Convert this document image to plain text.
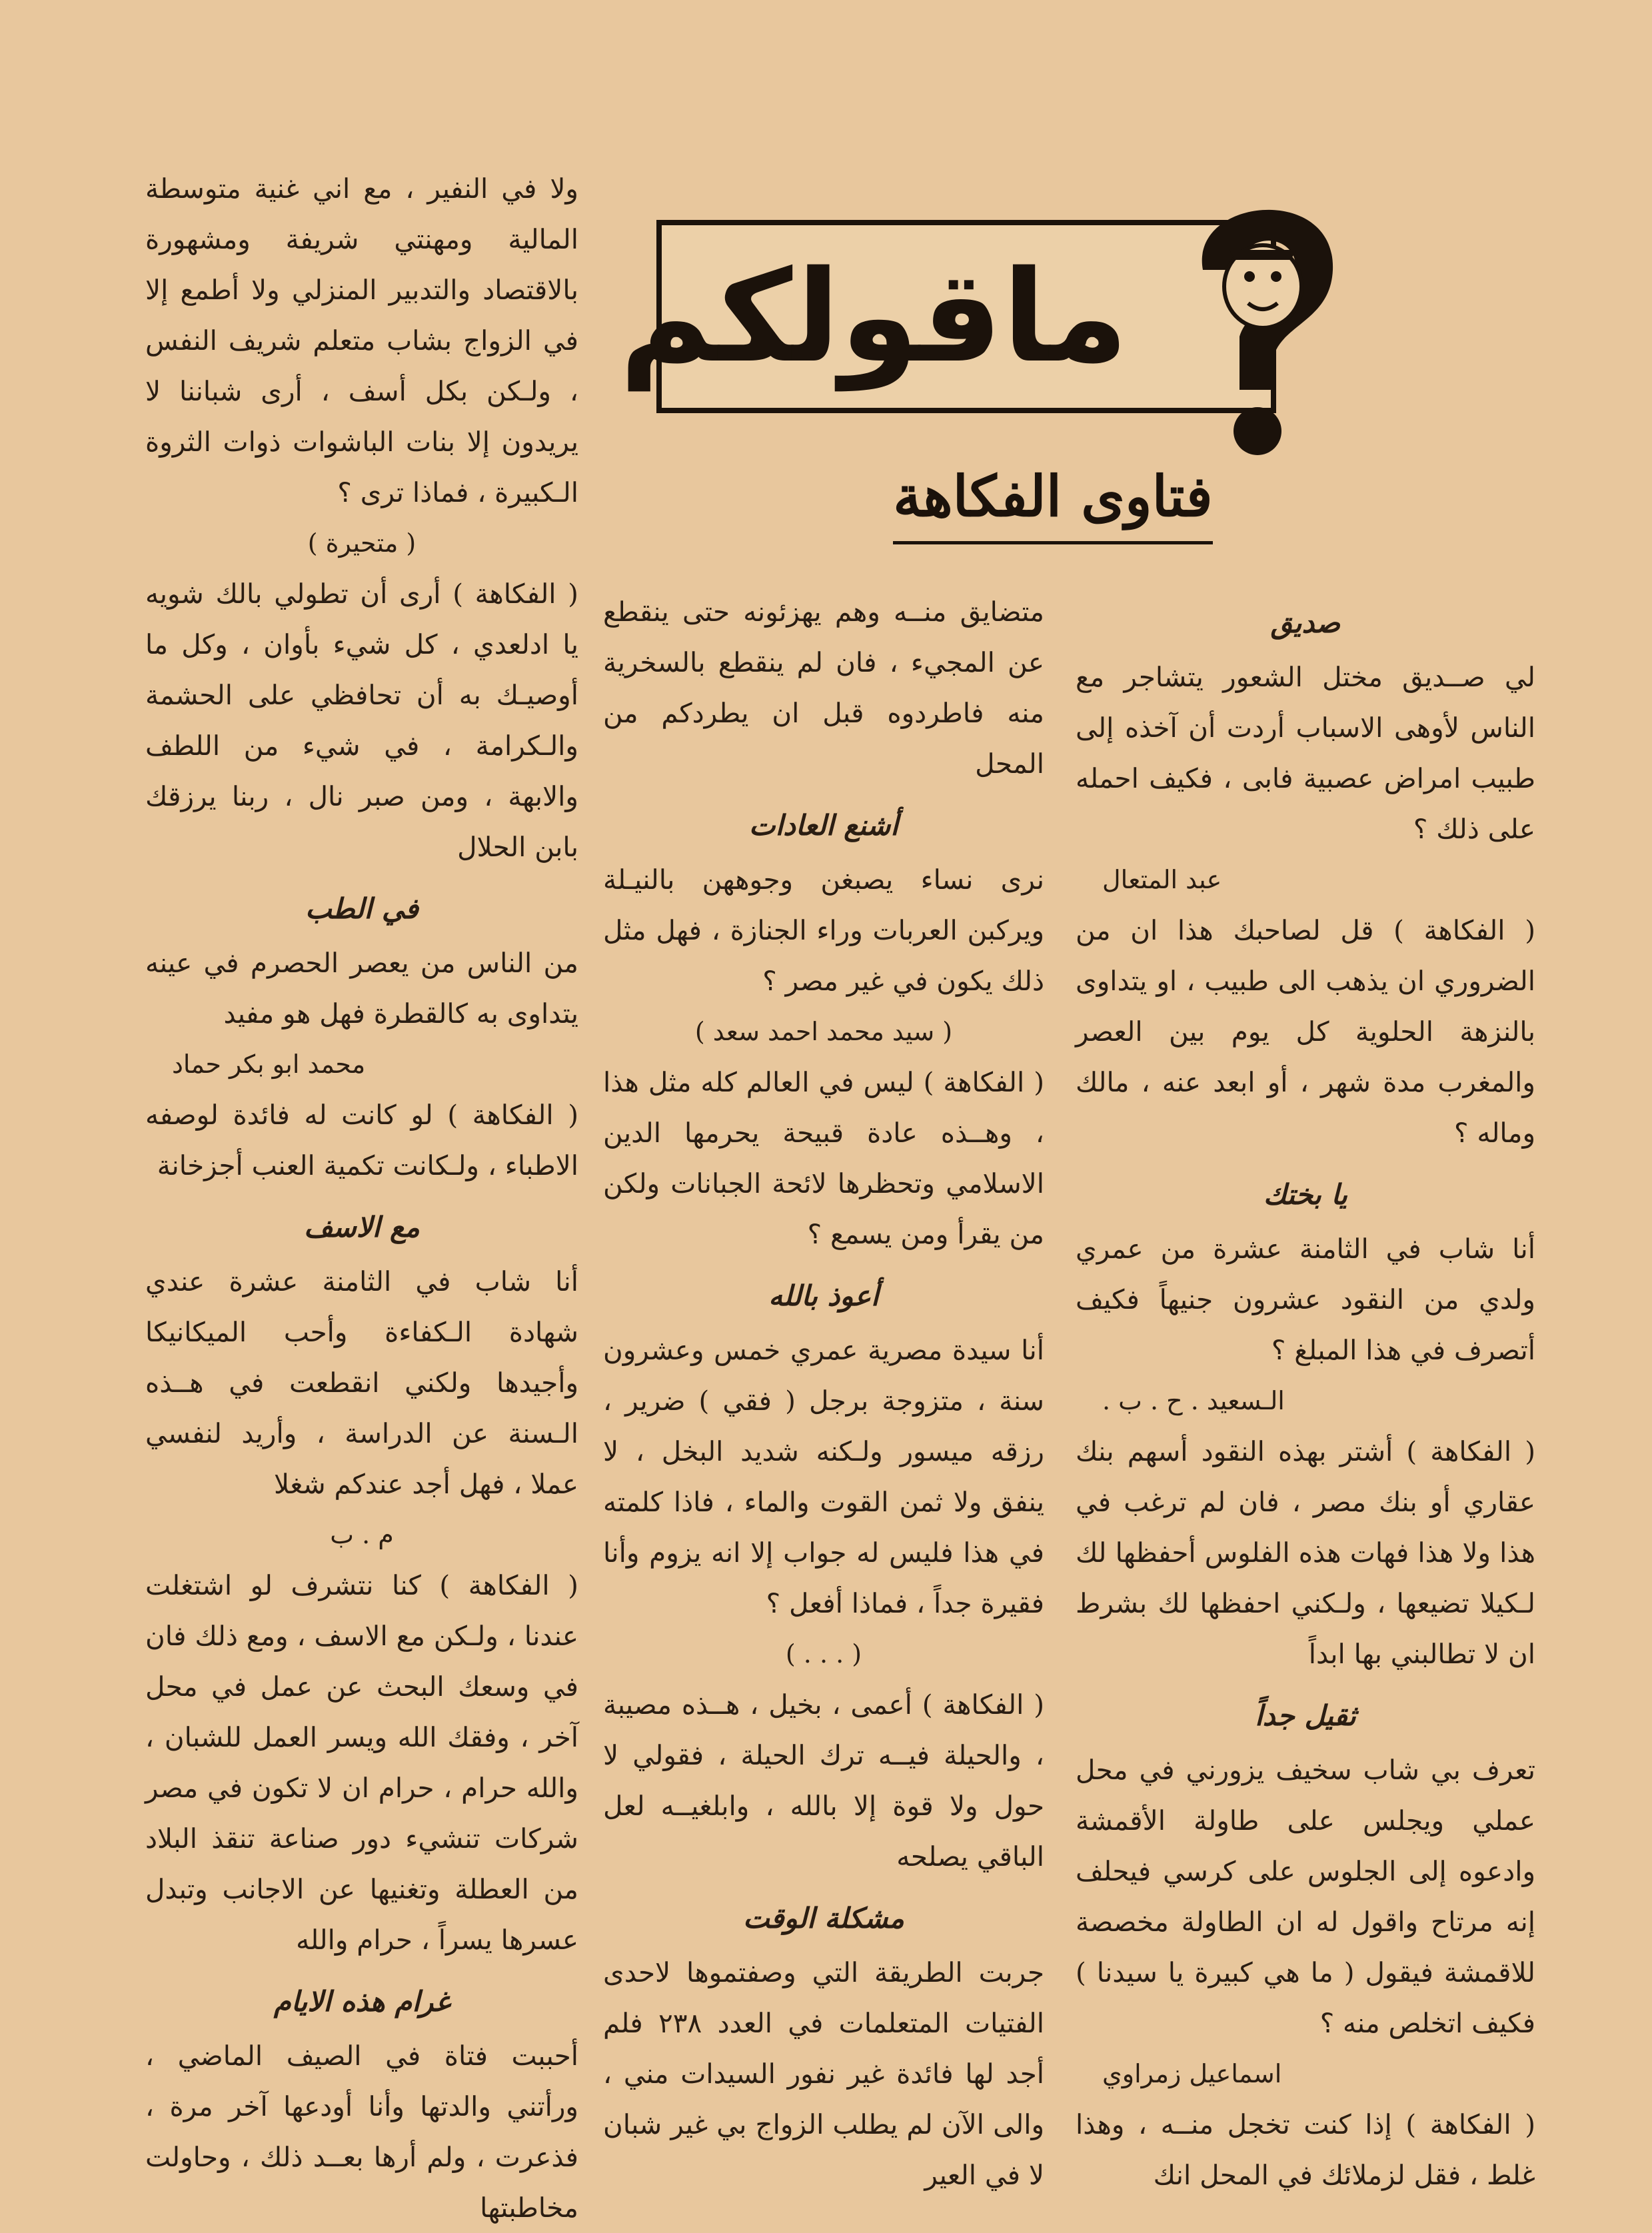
ماقولكم
فتاوى الفكاهة
صديق

لي صــديق مختل الشعور يتشاجر مع الناس لأوهى الاسباب أردت أن آخذه إلى طبيب امراض عصبية فابى ، فكيف احمله على ذلك ؟

عبد المتعال

( الفكاهة ) قل لصاحبك هذا ان من الضروري ان يذهب الى طبيب ، او يتداوى بالنزهة الحلوية كل يوم بين العصر والمغرب مدة شهر ، أو ابعد عنه ، مالك وماله ؟

يا بختك

أنا شاب في الثامنة عشرة من عمري ولدي من النقود عشرون جنيهاً فكيف أتصرف في هذا المبلغ ؟

الـسعيد . ح . ب .

( الفكاهة ) أشتر بهذه النقود أسهم بنك عقاري أو بنك مصر ، فان لم ترغب في هذا ولا هذا فهات هذه الفلوس أحفظها لك لـكيلا تضيعها ، ولـكني احفظها لك بشرط ان لا تطالبني بها ابداً

ثقيل جداً

تعرف بي شاب سخيف يزورني في محل عملي ويجلس على طاولة الأقمشة وادعوه إلى الجلوس على كرسي فيحلف إنه مرتاح واقول له ان الطاولة مخصصة للاقمشة فيقول ( ما هي كبيرة يا سيدنا ) فكيف اتخلص منه ؟

اسماعيل زمراوي

( الفكاهة ) إذا كنت تخجل منــه ، وهذا غلط ، فقل لزملائك في المحل انك

متضايق منــه وهم يهزئونه حتى ينقطع عن المجيء ، فان لم ينقطع بالسخرية منه فاطردوه قبل ان يطردكم من المحل

أشنع العادات

نرى نساء يصبغن وجوههن بالنيـلة ويركبن العربات وراء الجنازة ، فهل مثل ذلك يكون في غير مصر ؟

( سيد محمد احمد سعد )

( الفكاهة ) ليس في العالم كله مثل هذا ، وهــذه عادة قبيحة يحرمها الدين الاسلامي وتحظرها لائحة الجبانات ولكن من يقرأ ومن يسمع ؟

أعوذ بالله

أنا سيدة مصرية عمري خمس وعشرون سنة ، متزوجة برجل ( فقي ) ضرير ، رزقه ميسور ولـكنه شديد البخل ، لا ينفق ولا ثمن القوت والماء ، فاذا كلمته في هذا فليس له جواب إلا انه يزوم وأنا فقيرة جداً ، فماذا أفعل ؟

( . . . )

( الفكاهة ) أعمى ، بخيل ، هــذه مصيبة ، والحيلة فيــه ترك الحيلة ، فقولي لا حول ولا قوة إلا بالله ، وابلغيــه لعل الباقي يصلحه

مشكلة الوقت

جربت الطريقة التي وصفتموها لاحدى الفتيات المتعلمات في العدد ٢٣٨ فلم أجد لها فائدة غير نفور السيدات مني ، والى الآن لم يطلب الزواج بي غير شبان لا في العير

ولا في النفير ، مع اني غنية متوسطة المالية ومهنتي شريفة ومشهورة بالاقتصاد والتدبير المنزلي ولا أطمع إلا في الزواج بشاب متعلم شريف النفس ، ولـكن بكل أسف ، أرى شباننا لا يريدون إلا بنات الباشوات ذوات الثروة الـكبيرة ، فماذا ترى ؟

( متحيرة )

( الفكاهة ) أرى أن تطولي بالك شويه يا ادلعدي ، كل شيء بأوان ، وكل ما أوصيـك به أن تحافظي على الحشمة والـكرامة ، في شيء من اللطف والابهة ، ومن صبر نال ، ربنا يرزقك بابن الحلال

في الطب

من الناس من يعصر الحصرم في عينه يتداوى به كالقطرة فهل هو مفيد

محمد ابو بكر حماد

( الفكاهة ) لو كانت له فائدة لوصفه الاطباء ، ولـكانت تكمية العنب أجزخانة

مع الاسف

أنا شاب في الثامنة عشرة عندي شهادة الـكفاءة وأحب الميكانيكا وأجيدها ولكني انقطعت في هــذه الـسنة عن الدراسة ، وأريد لنفسي عملا ، فهل أجد عندكم شغلا

م . ب

( الفكاهة ) كنا نتشرف لو اشتغلت عندنا ، ولـكن مع الاسف ، ومع ذلك فان في وسعك البحث عن عمل في محل آخر ، وفقك الله ويسر العمل للشبان ، والله حرام ، حرام ان لا تكون في مصر شركات تنشيء دور صناعة تنقذ البلاد من العطلة وتغنيها عن الاجانب وتبدل عسرها يسراً ، حرام والله

غرام هذه الايام

أحببت فتاة في الصيف الماضي ، ورأتني والدتها وأنا أودعها آخر مرة ، فذعرت ، ولم أرها بعــد ذلك ، وحاولت مخاطبتها
